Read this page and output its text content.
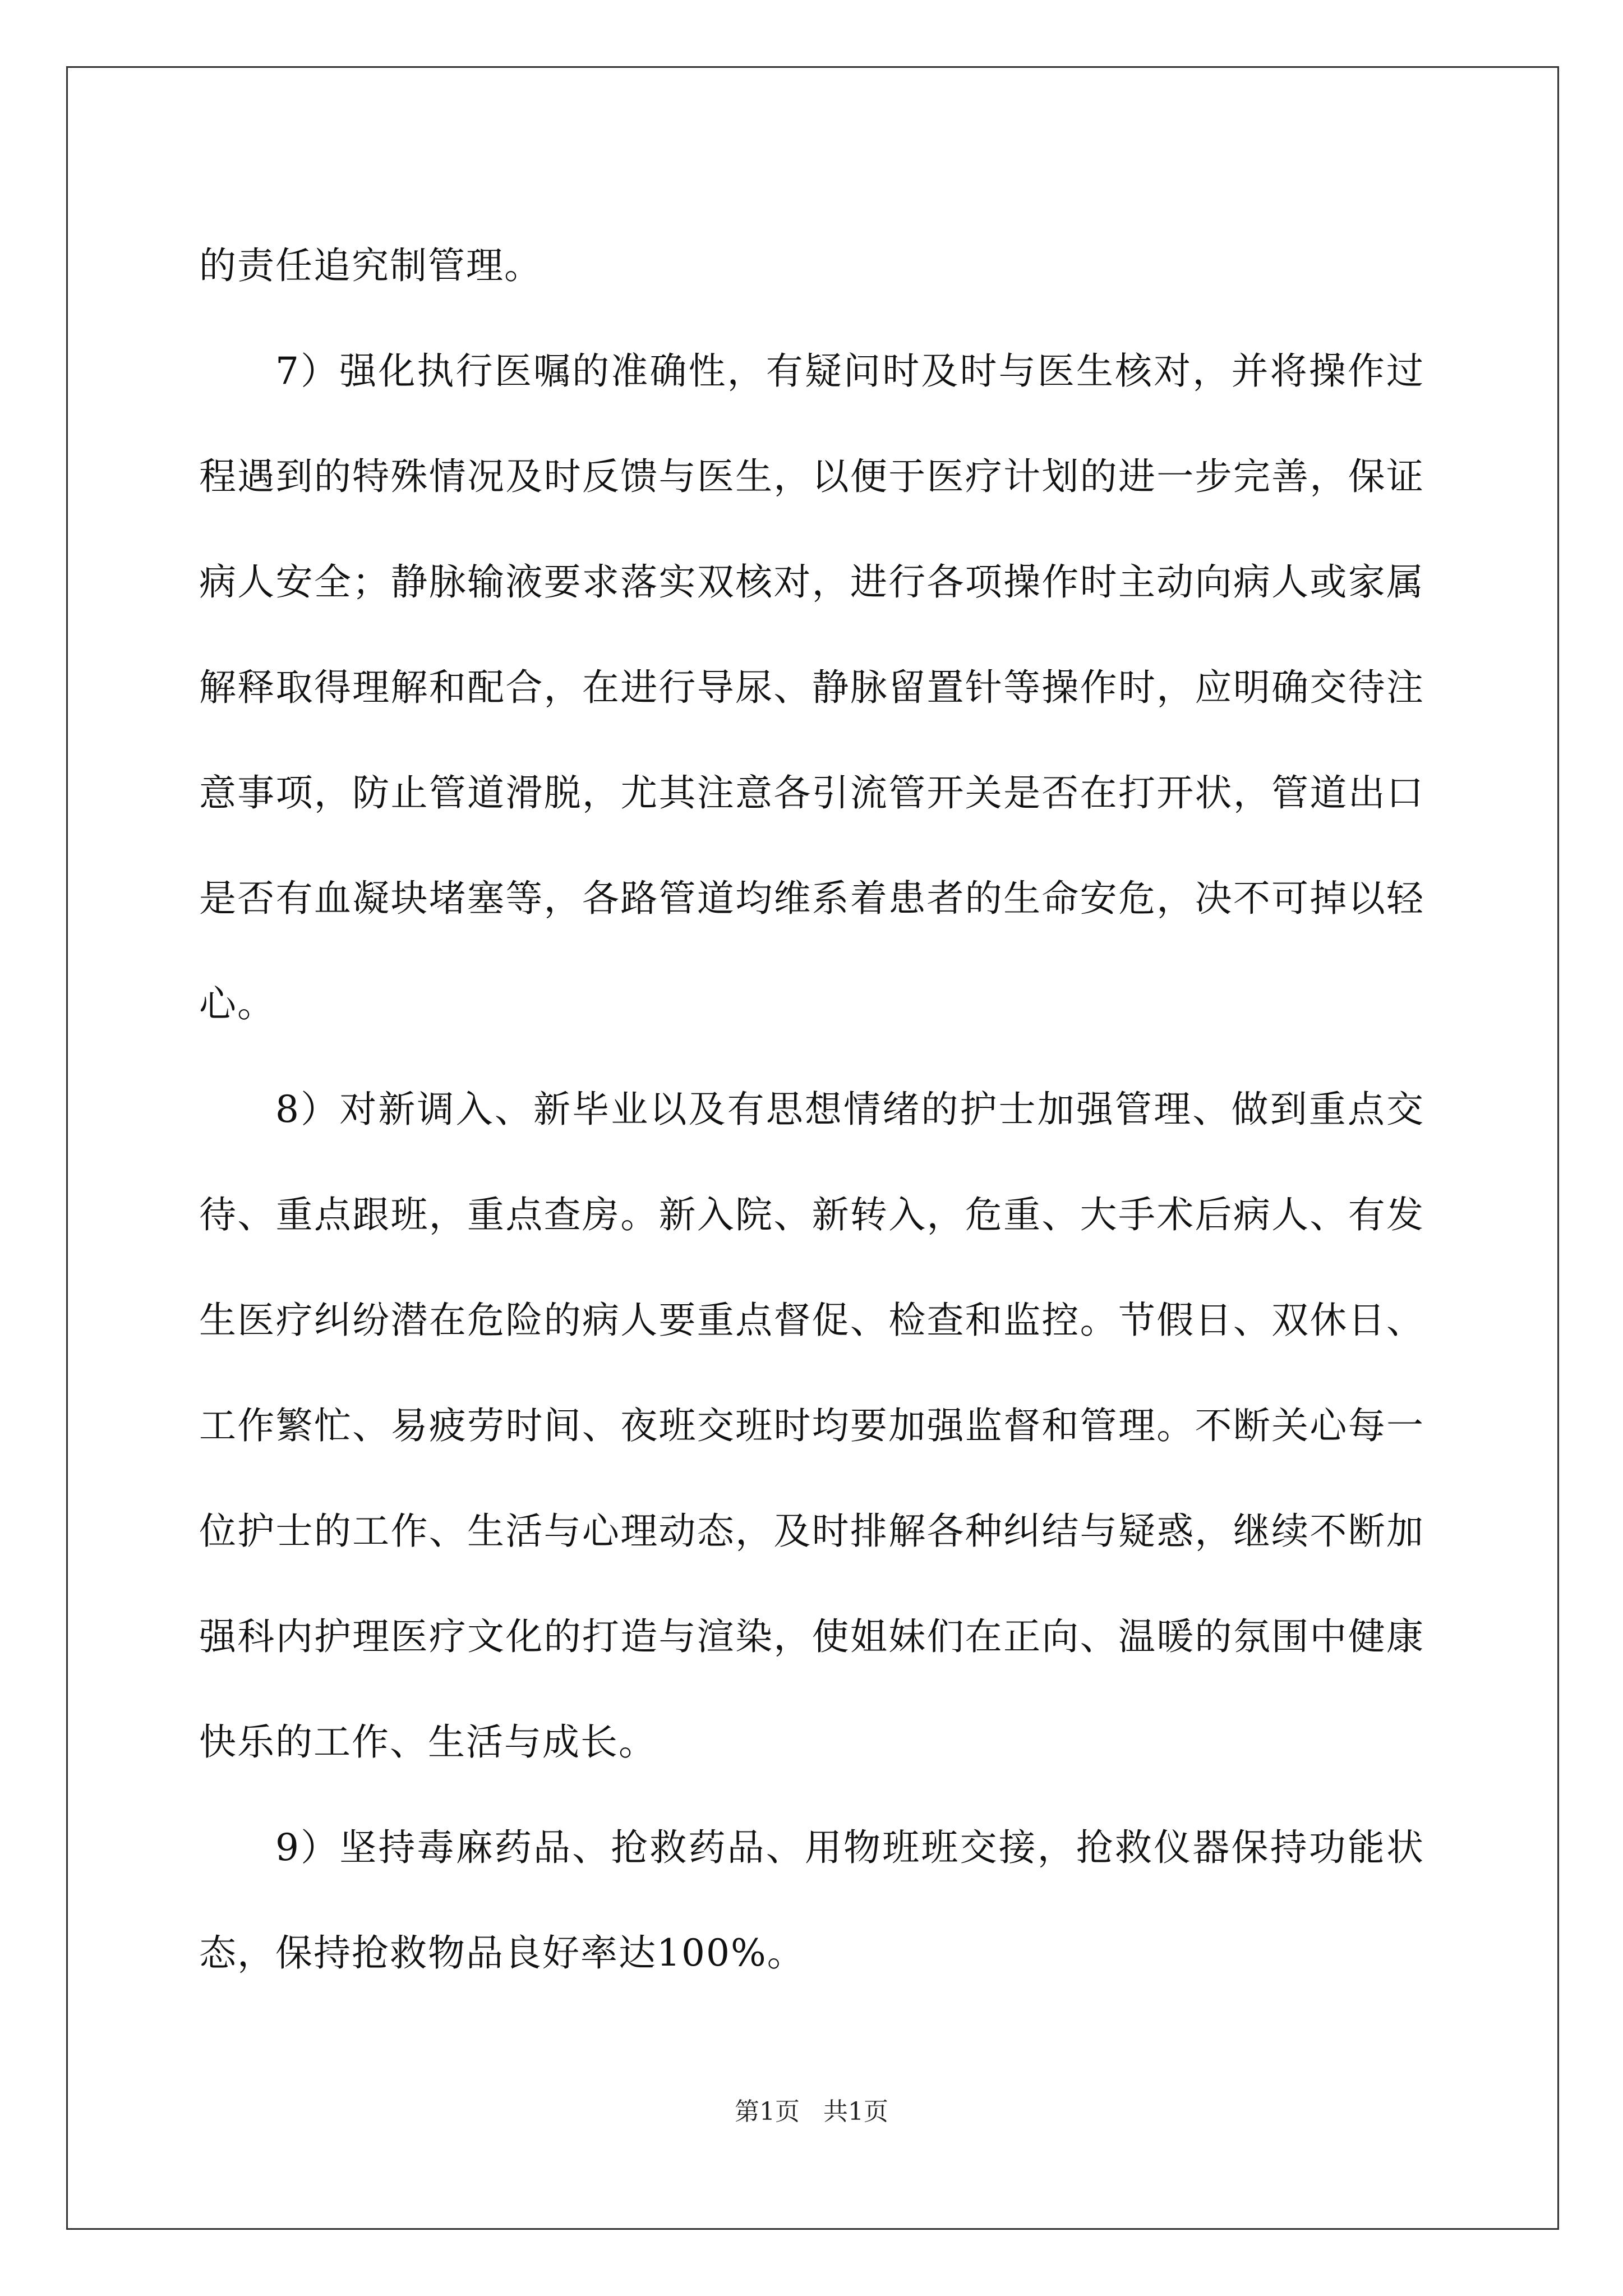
的责任追究制管理。

7）强化执行医嘱的准确性，有疑问时及时与医生核对，并将操作过程遇到的特殊情况及时反馈与医生，以便于医疗计划的进一步完善，保证病人安全；静脉输液要求落实双核对，进行各项操作时主动向病人或家属解释取得理解和配合，在进行导尿、静脉留置针等操作时，应明确交待注意事项，防止管道滑脱，尤其注意各引流管开关是否在打开状，管道出口是否有血凝块堵塞等，各路管道均维系着患者的生命安危，决不可掉以轻心。

8）对新调入、新毕业以及有思想情绪的护士加强管理、做到重点交待、重点跟班，重点查房。新入院、新转入，危重、大手术后病人、有发生医疗纠纷潜在危险的病人要重点督促、检查和监控。节假日、双休日、工作繁忙、易疲劳时间、夜班交班时均要加强监督和管理。不断关心每一位护士的工作、生活与心理动态，及时排解各种纠结与疑惑，继续不断加强科内护理医疗文化的打造与渲染，使姐妹们在正向、温暖的氛围中健康快乐的工作、生活与成长。

9）坚持毒麻药品、抢救药品、用物班班交接，抢救仪器保持功能状态，保持抢救物品良好率达100%。

第1页   共1页
